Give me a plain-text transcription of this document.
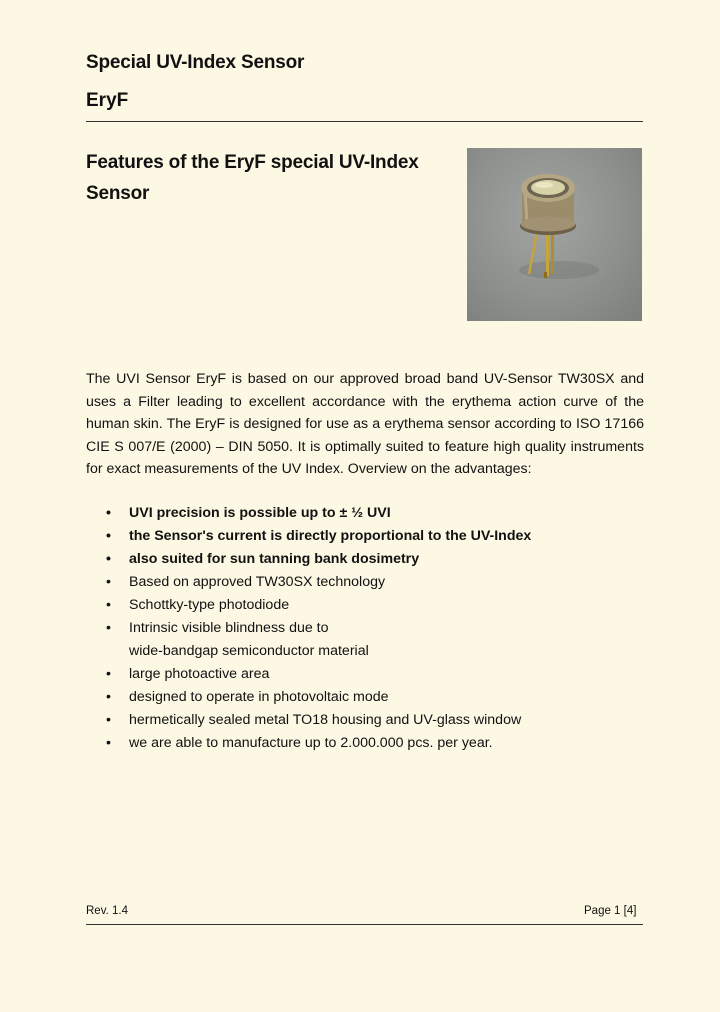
Special UV-Index Sensor
EryF
Features of the EryF special UV-Index Sensor

The UVI Sensor EryF is based on our approved broad band UV-Sensor TW30SX and uses a Filter leading to excellent accordance with the erythema action curve of the human skin. The EryF is designed for use as a erythema sensor according to ISO 17166 CIE S 007/E (2000) – DIN 5050. It is optimally suited to feature high quality instruments for exact measurements of the UV Index. Overview on the advantages:

• UVI precision is possible up to ± ½ UVI
• the Sensor's current is directly proportional to the UV-Index
• also suited for sun tanning bank dosimetry
• Based on approved TW30SX technology
• Schottky-type photodiode
• Intrinsic visible blindness due to
wide-bandgap semiconductor material
• large photoactive area
• designed to operate in photovoltaic mode
• hermetically sealed metal TO18 housing and UV-glass window
• we are able to manufacture up to 2.000.000 pcs. per year.
Rev. 1.4	Page 1 [4]
